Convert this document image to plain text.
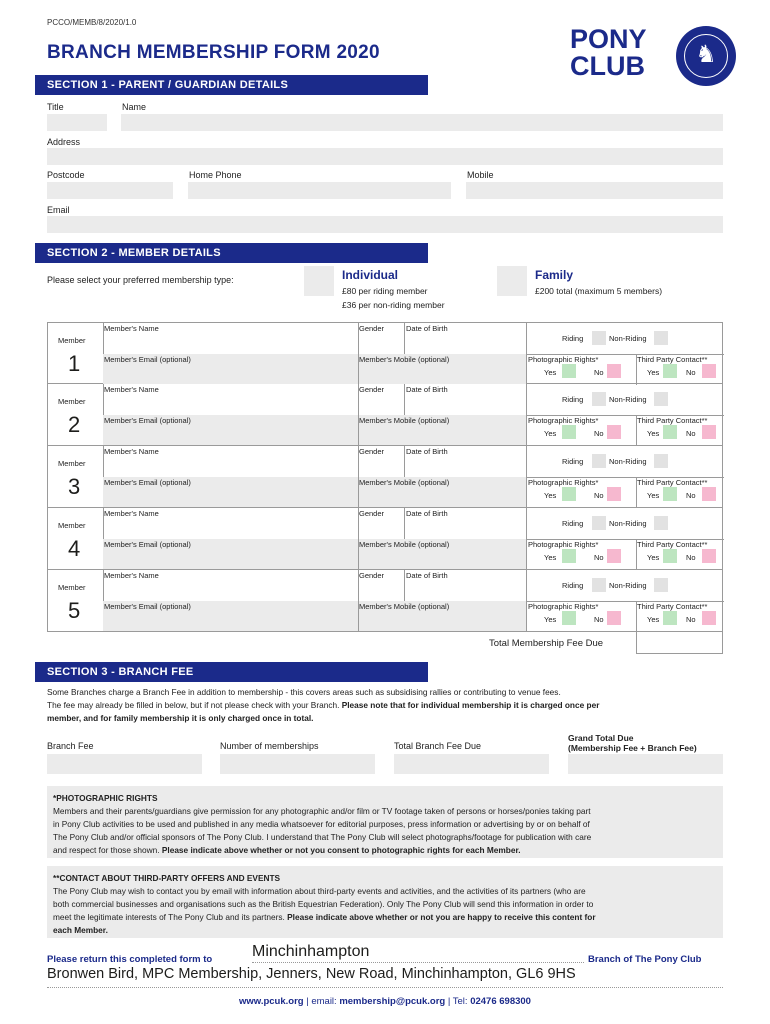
PCCO/MEMB/8/2020/1.0
BRANCH MEMBERSHIP FORM 2020	PONY
CLUB ♞
SECTION 1 - PARENT / GUARDIAN DETAILS
Title	Name
Address
Postcode	Home Phone	Mobile
Email
SECTION 2 - MEMBER DETAILS
Please select your preferred membership type:	Individual
£80 per riding member
£36 per non-riding member
Family
£200 total (maximum 5 members)
Member
1
Member's Name	Gender	Date of Birth
Member's Email (optional)	Member's Mobile (optional)
Riding	Non-Riding
Photographic Rights*
Yes	No
Third Party Contact**
Yes	No
Member
2
Member's Name	Gender	Date of Birth
Member's Email (optional)	Member's Mobile (optional)
Riding	Non-Riding
Photographic Rights*
Yes	No
Third Party Contact**
Yes	No
Member
3
Member's Name	Gender	Date of Birth
Member's Email (optional)	Member's Mobile (optional)
Riding	Non-Riding
Photographic Rights*
Yes	No
Third Party Contact**
Yes	No
Member
4
Member's Name	Gender	Date of Birth
Member's Email (optional)	Member's Mobile (optional)
Riding	Non-Riding
Photographic Rights*
Yes	No
Third Party Contact**
Yes	No
Member
5
Member's Name	Gender	Date of Birth
Member's Email (optional)	Member's Mobile (optional)
Riding	Non-Riding
Photographic Rights*
Yes	No
Third Party Contact**
Yes	No
Total Membership Fee Due
SECTION 3 - BRANCH FEE
Some Branches charge a Branch Fee in addition to membership - this covers areas such as subsidising rallies or contributing to venue fees.
The fee may already be filled in below, but if not please check with your Branch. Please note that for individual membership it is charged once per
member, and for family membership it is only charged once in total.
Branch Fee	Number of memberships	Total Branch Fee Due
Grand Total Due
(Membership Fee + Branch Fee)
*PHOTOGRAPHIC RIGHTS
Members and their parents/guardians give permission for any photographic and/or film or TV footage taken of persons or horses/ponies taking part
in Pony Club activities to be used and published in any media whatsoever for editorial purposes, press information or advertising by or on behalf of
The Pony Club and/or official sponsors of The Pony Club. I understand that The Pony Club will select photographs/footage for publication with care
and respect for those shown. Please indicate above whether or not you consent to photographic rights for each Member.
**CONTACT ABOUT THIRD-PARTY OFFERS AND EVENTS
The Pony Club may wish to contact you by email with information about third-party events and activities, and the activities of its partners (who are
both commercial businesses and organisations such as the British Equestrian Federation). Only The Pony Club will send this information in order to
meet the legitimate interests of The Pony Club and its partners. Please indicate above whether or not you are happy to receive this content for
each Member.
Please return this completed form to Minchinhampton	Branch of The Pony Club
Bronwen Bird, MPC Membership, Jenners, New Road, Minchinhampton, GL6 9HS
www.pcuk.org | email: membership@pcuk.org | Tel: 02476 698300
